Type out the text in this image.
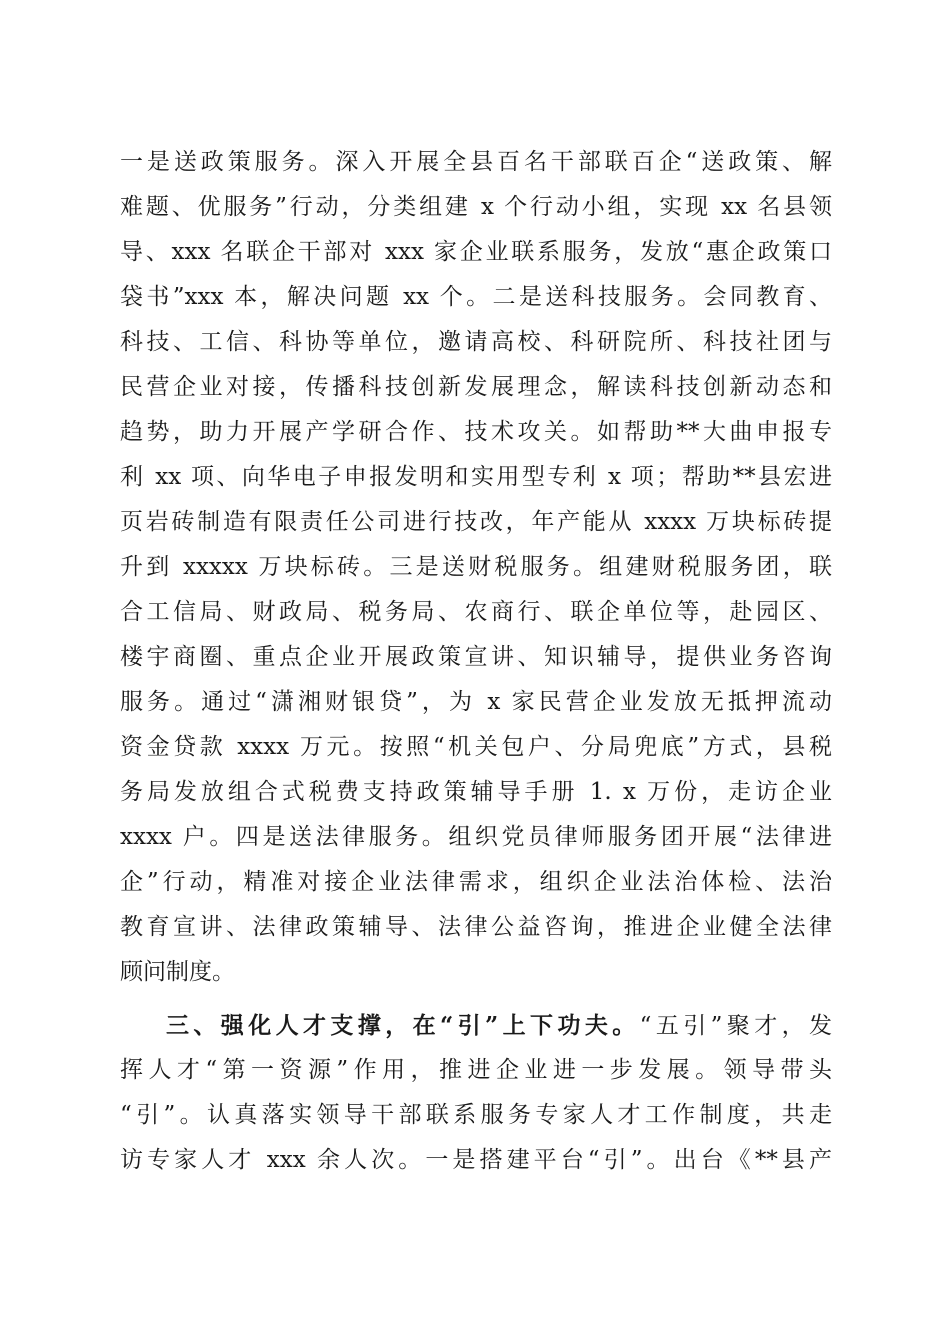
一是送政策服务。深入开展全县百名干部联百企“送政策、解
难题、优服务”行动，分类组建 x 个行动小组，实现 xx 名县领
导、xxx 名联企干部对 xxx 家企业联系服务，发放“惠企政策口
袋书”xxx 本，解决问题 xx 个。二是送科技服务。会同教育、
科技、工信、科协等单位，邀请高校、科研院所、科技社团与
民营企业对接，传播科技创新发展理念，解读科技创新动态和
趋势，助力开展产学研合作、技术攻关。如帮助**大曲申报专
利 xx 项、向华电子申报发明和实用型专利 x 项；帮助**县宏进
页岩砖制造有限责任公司进行技改，年产能从 xxxx 万块标砖提
升到 xxxxx 万块标砖。三是送财税服务。组建财税服务团，联
合工信局、财政局、税务局、农商行、联企单位等，赴园区、
楼宇商圈、重点企业开展政策宣讲、知识辅导，提供业务咨询
服务。通过“潇湘财银贷”，为 x 家民营企业发放无抵押流动
资金贷款 xxxx 万元。按照“机关包户、分局兜底”方式，县税
务局发放组合式税费支持政策辅导手册 1. x 万份，走访企业
xxxx 户。四是送法律服务。组织党员律师服务团开展“法律进
企”行动，精准对接企业法律需求，组织企业法治体检、法治
教育宣讲、法律政策辅导、法律公益咨询，推进企业健全法律
顾问制度。
三、强化人才支撑，在“引”上下功夫。“五引”聚才，发
挥人才“第一资源”作用，推进企业进一步发展。领导带头
“引”。认真落实领导干部联系服务专家人才工作制度，共走
访专家人才 xxx 余人次。一是搭建平台“引”。出台《**县产
